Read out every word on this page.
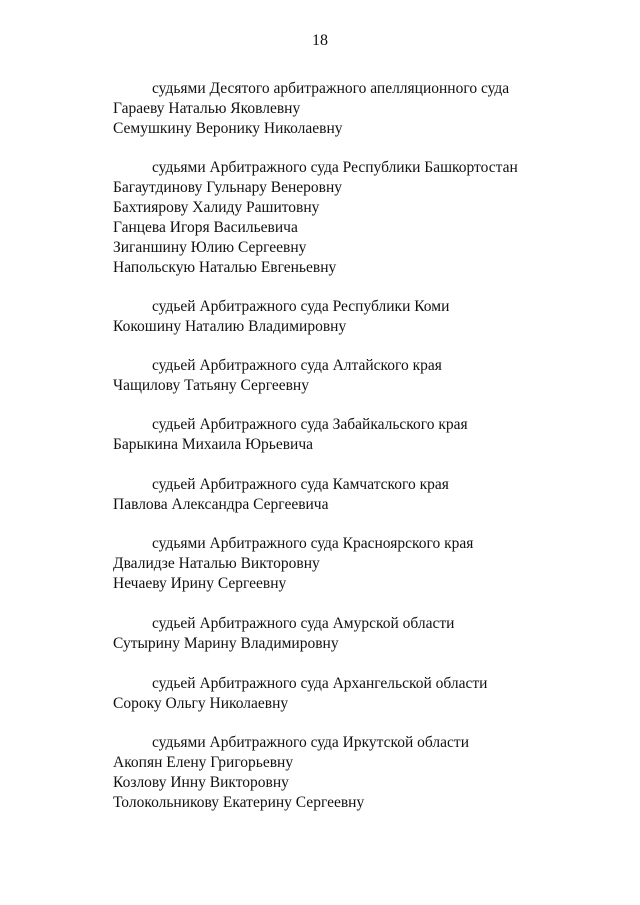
18
судьями Десятого арбитражного апелляционного суда
Гараеву Наталью Яковлевну
Семушкину Веронику Николаевну
судьями Арбитражного суда Республики Башкортостан
Багаутдинову Гульнару Венеровну
Бахтиярову Халиду Рашитовну
Ганцева Игоря Васильевича
Зиганшину Юлию Сергеевну
Напольскую Наталью Евгеньевну
судьей Арбитражного суда Республики Коми
Кокошину Наталию Владимировну
судьей Арбитражного суда Алтайского края
Чащилову Татьяну Сергеевну
судьей Арбитражного суда Забайкальского края
Барыкина Михаила Юрьевича
судьей Арбитражного суда Камчатского края
Павлова Александра Сергеевича
судьями Арбитражного суда Красноярского края
Двалидзе Наталью Викторовну
Нечаеву Ирину Сергеевну
судьей Арбитражного суда Амурской области
Сутырину Марину Владимировну
судьей Арбитражного суда Архангельской области
Сороку Ольгу Николаевну
судьями Арбитражного суда Иркутской области
Акопян Елену Григорьевну
Козлову Инну Викторовну
Толокольникову Екатерину Сергеевну
